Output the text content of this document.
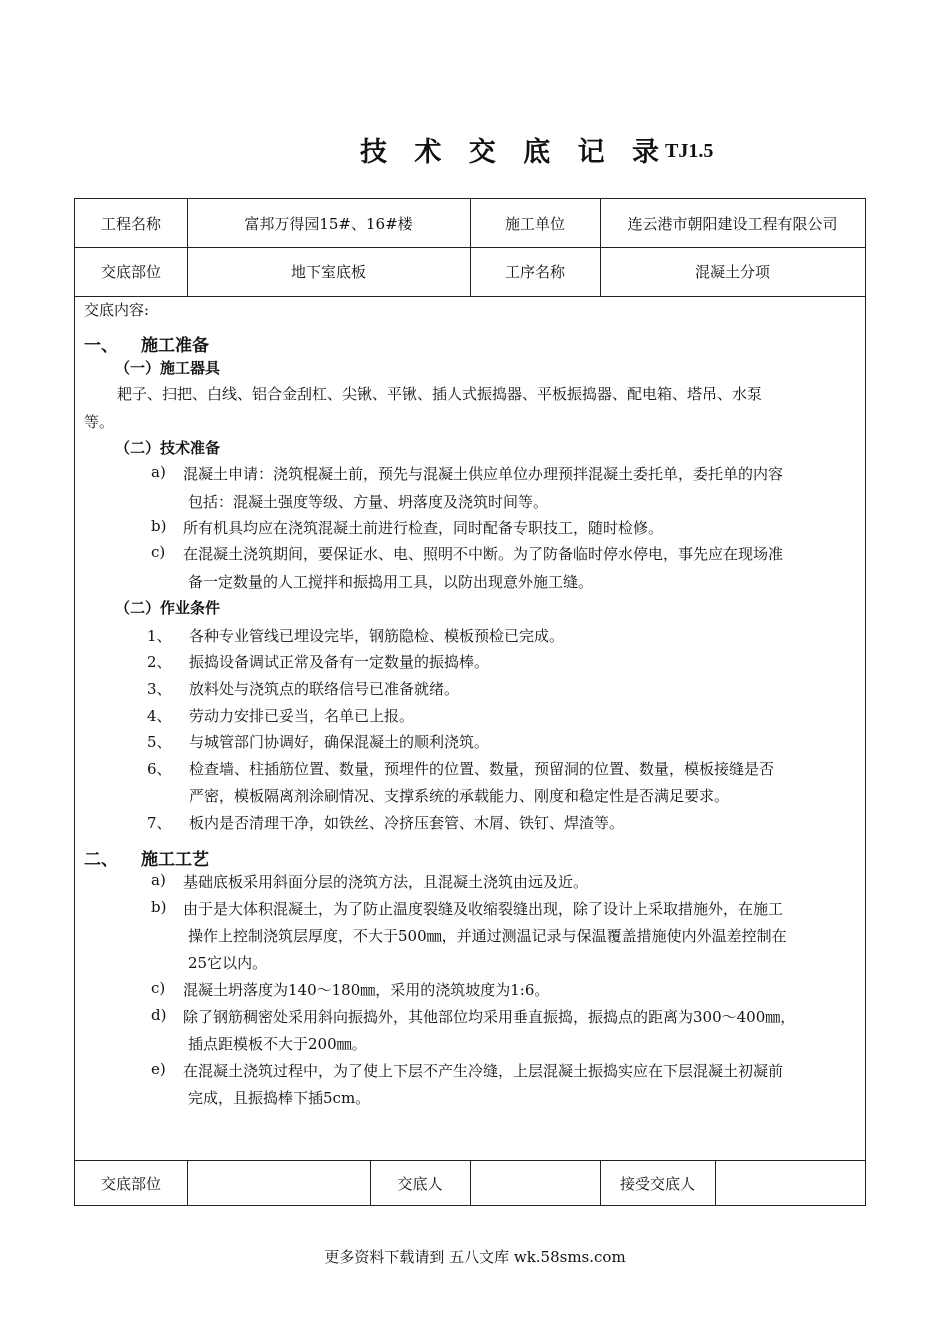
技 术 交 底 记 录
TJ1.5
工程名称	富邦万得园15#、16#楼	施工单位	连云港市朝阳建设工程有限公司
交底部位	地下室底板	工序名称	混凝土分项
交底内容:
一、 施工准备
（一）施工器具
耙子、扫把、白线、铝合金刮杠、尖锹、平锹、插人式振捣器、平板振捣器、配电箱、塔吊、水泵
等。
（二）技术准备
a) 混凝土申请：浇筑棍凝土前，预先与混凝土供应单位办理预拌混凝土委托单，委托单的内容
包括：混凝土强度等级、方量、坍落度及浇筑时间等。
b) 所有机具均应在浇筑混凝土前进行检查，同时配备专职技工，随时检修。
c) 在混凝土浇筑期间，要保证水、电、照明不中断。为了防备临时停水停电，事先应在现场准
备一定数量的人工搅拌和振捣用工具，以防出现意外施工缝。
（二）作业条件
1、 各种专业管线已埋设完毕，钢筋隐检、模板预检已完成。
2、 振捣设备调试正常及备有一定数量的振捣棒。
3、 放料处与浇筑点的联络信号已准备就绪。
4、 劳动力安排已妥当，名单已上报。
5、 与城管部门协调好，确保混凝土的顺利浇筑。
6、 检查墙、柱插筋位置、数量，预埋件的位置、数量，预留洞的位置、数量，模板接缝是否
严密，模板隔离剂涂刷情况、支撑系统的承载能力、刚度和稳定性是否满足要求。
7、 板内是否清理干净，如铁丝、冷挤压套管、木屑、铁钉、焊渣等。
二、 施工工艺
a) 基础底板采用斜面分层的浇筑方法，且混凝土浇筑由远及近。
b) 由于是大体积混凝土，为了防止温度裂缝及收缩裂缝出现，除了设计上采取措施外，在施工
操作上控制浇筑层厚度，不大于500㎜，并通过测温记录与保温覆盖措施使内外温差控制在
25它以内。
c) 混凝土坍落度为140～180㎜，采用的浇筑坡度为1:6。
d) 除了钢筋稠密处采用斜向振捣外，其他部位均采用垂直振捣，振捣点的距离为300～400㎜，
插点距模板不大于200㎜。
e) 在混凝土浇筑过程中，为了使上下层不产生冷缝，上层混凝土振捣实应在下层混凝土初凝前
完成，且振捣棒下插5cm。
交底部位	交底人	接受交底人
更多资料下载请到 五八文库 wk.58sms.com
